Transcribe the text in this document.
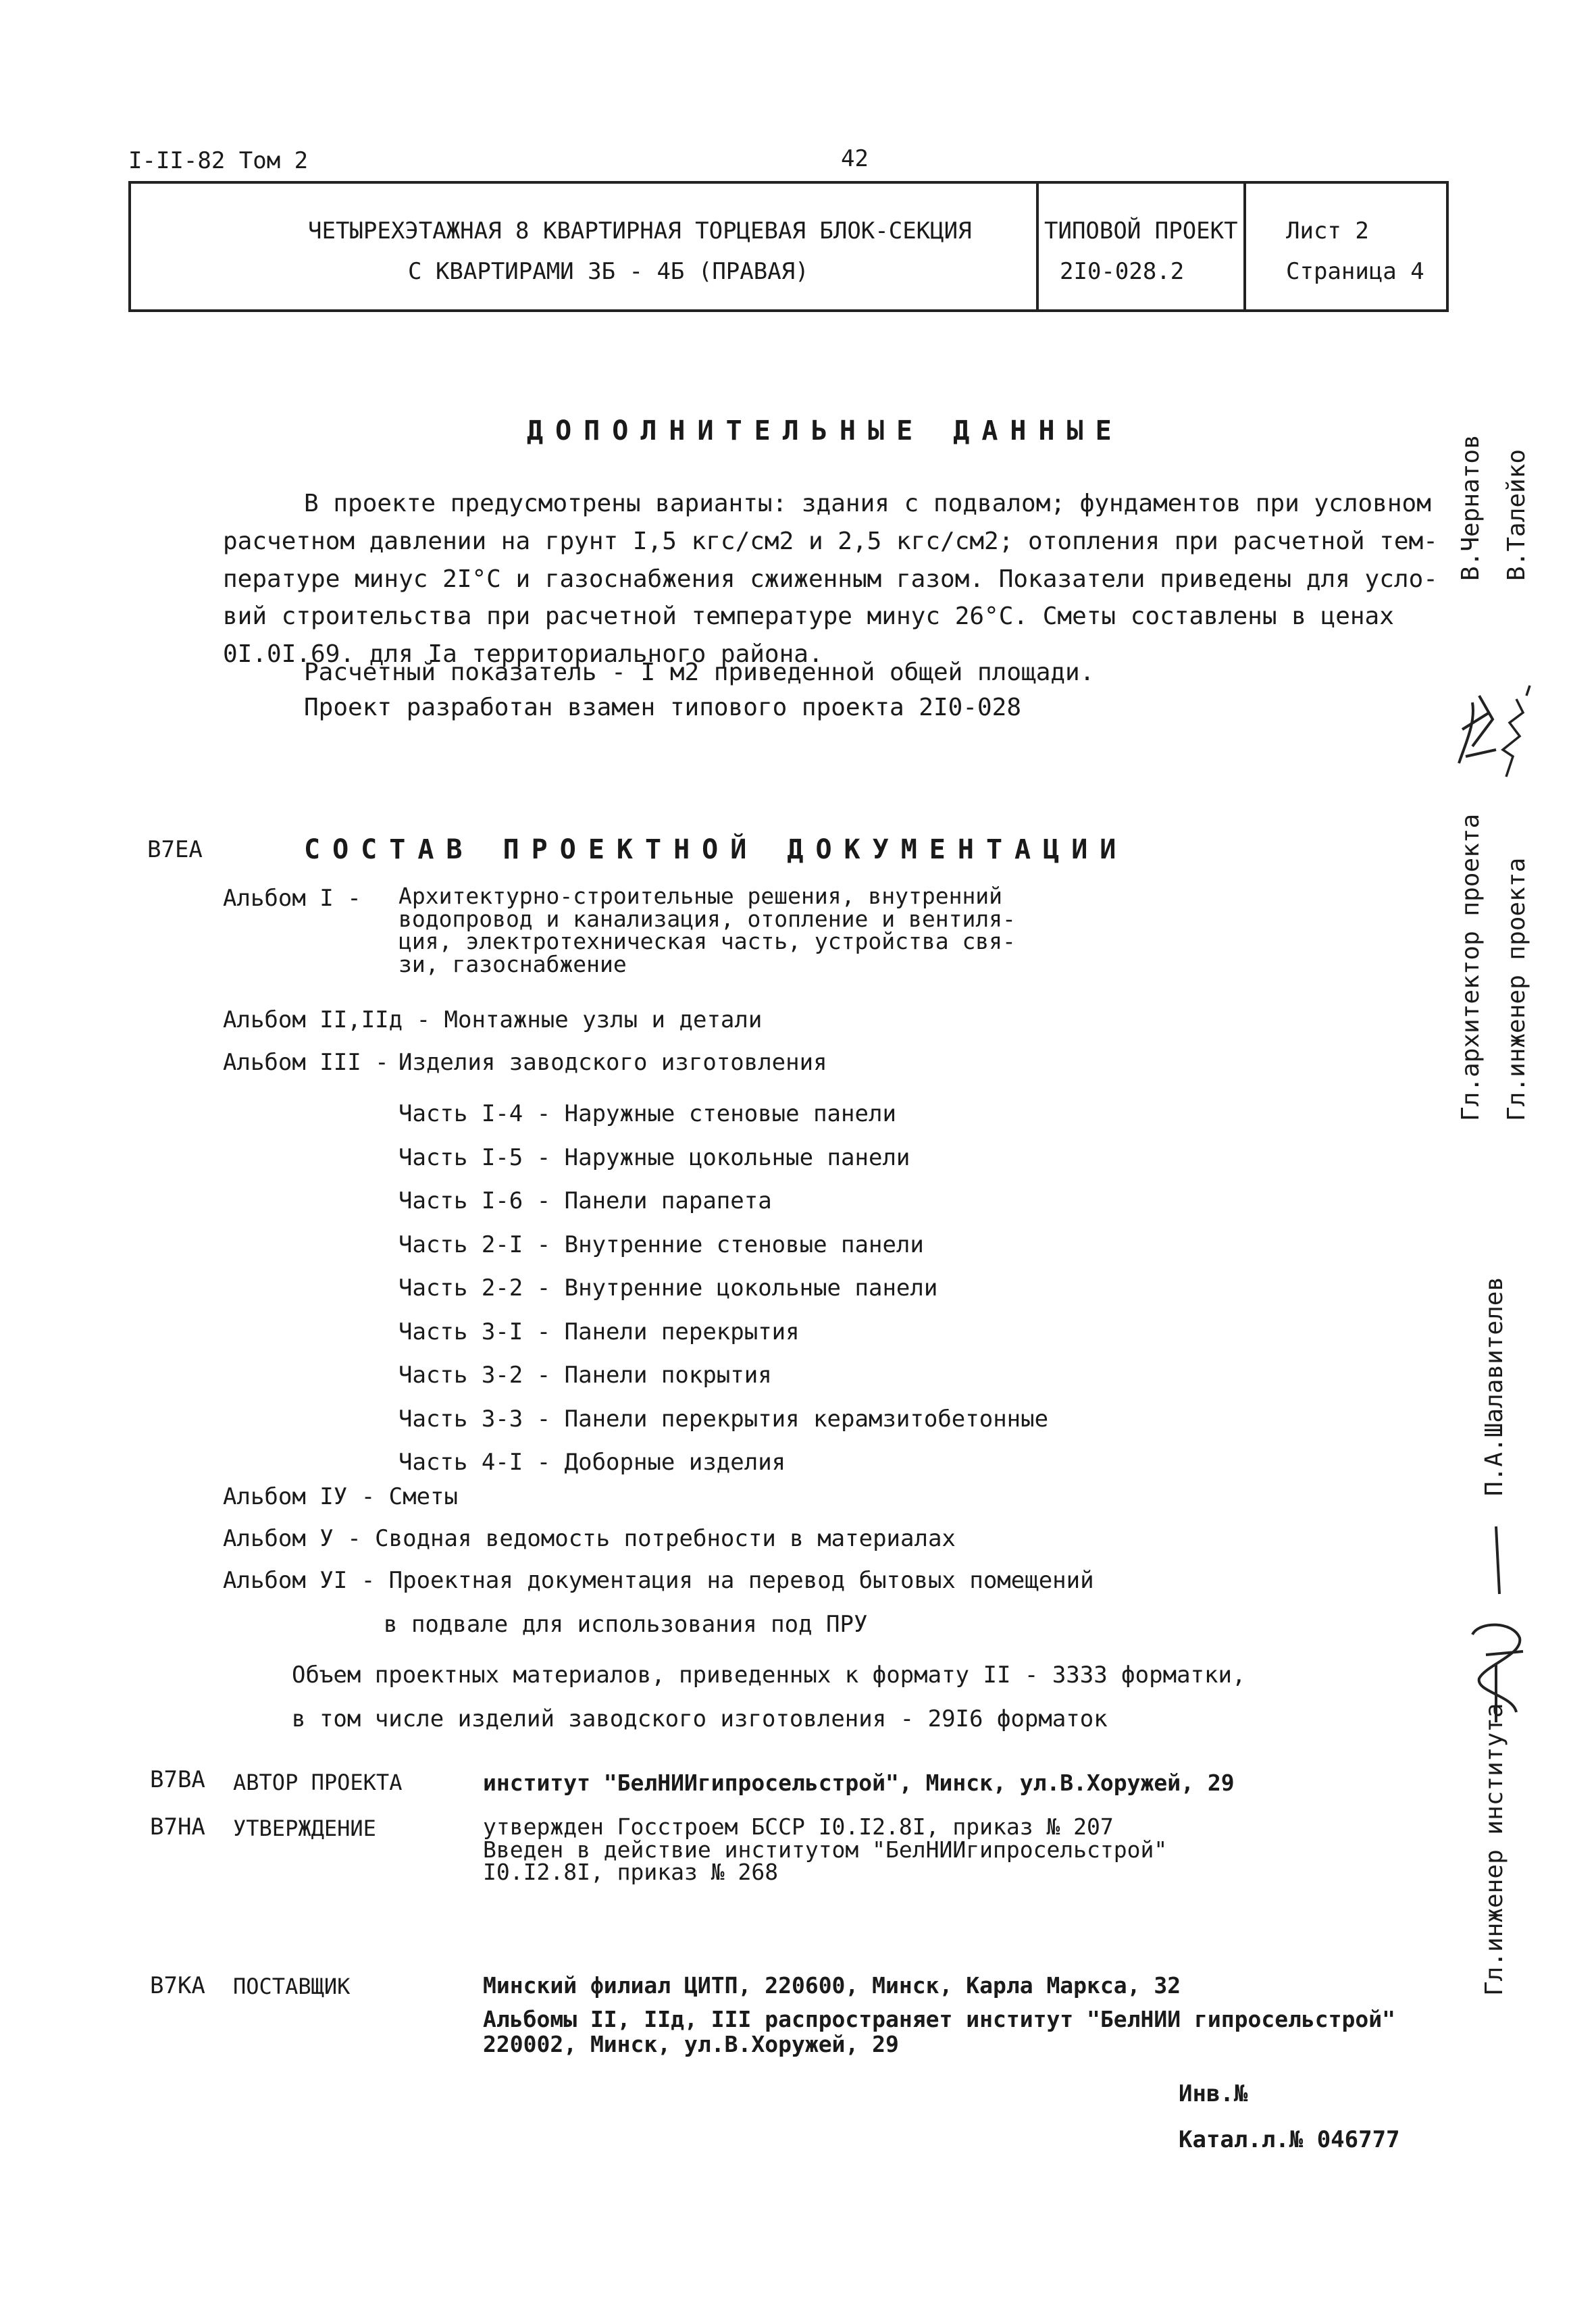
I-II-82 Том 2	42
ЧЕТЫРЕХЭТАЖНАЯ 8 КВАРТИРНАЯ ТОРЦЕВАЯ БЛОК-СЕКЦИЯ
С КВАРТИРАМИ 3Б - 4Б (ПРАВАЯ)
ТИПОВОЙ ПРОЕКТ
2I0-028.2
Лист 2
Страница 4
ДОПОЛНИТЕЛЬНЫЕ ДАННЫЕ
В проекте предусмотрены варианты: здания с подвалом; фундаментов при условном
расчетном давлении на грунт I,5 кгс/см2 и 2,5 кгс/см2; отопления при расчетной тем-
пературе минус 2I°C и газоснабжения сжиженным газом. Показатели приведены для усло-
вий строительства при расчетной температуре минус 26°C. Сметы составлены в ценах
0I.0I.69. для Iа территориального района.
Расчетный показатель - I м2 приведенной общей площади.
Проект разработан взамен типового проекта 2I0-028
В7ЕА	СОСТАВ ПРОЕКТНОЙ ДОКУМЕНТАЦИИ
Альбом I - Архитектурно-строительные решения, внутренний
водопровод и канализация, отопление и вентиля-
ция, электротехническая часть, устройства свя-
зи, газоснабжение
Альбом II,IIд - Монтажные узлы и детали
Альбом III - Изделия заводского изготовления
Часть I-4 - Наружные стеновые панели
Часть I-5 - Наружные цокольные панели
Часть I-6 - Панели парапета
Часть 2-I - Внутренние стеновые панели
Часть 2-2 - Внутренние цокольные панели
Часть 3-I - Панели перекрытия
Часть 3-2 - Панели покрытия
Часть 3-3 - Панели перекрытия керамзитобетонные
Часть 4-I - Доборные изделия
Альбом IУ - Сметы
Альбом У - Сводная ведомость потребности в материалах
Альбом УI - Проектная документация на перевод бытовых помещений
в подвале для использования под ПРУ
Объем проектных материалов, приведенных к формату II - 3333 форматки,
в том числе изделий заводского изготовления - 29I6 форматок
В7ВА АВТОР ПРОЕКТА	институт "БелНИИгипросельстрой", Минск, ул.В.Хоружей, 29
В7НА УТВЕРЖДЕНИЕ	утвержден Госстроем БССР I0.I2.8I, приказ № 207
Введен в действие институтом "БелНИИгипросельстрой"
I0.I2.8I, приказ № 268
В7КА ПОСТАВЩИК	Минский филиал ЦИТП, 220600, Минск, Карла Маркса, 32
Альбомы II, IIд, III распространяет институт "БелНИИ гипросельстрой"
220002, Минск, ул.В.Хоружей, 29
Инв.№
Катал.л.№ 046777
В.Чернатов В.Талейко
Гл.архитектор проекта Гл.инженер проекта
П.А.Шалавителев
Гл.инженер института
